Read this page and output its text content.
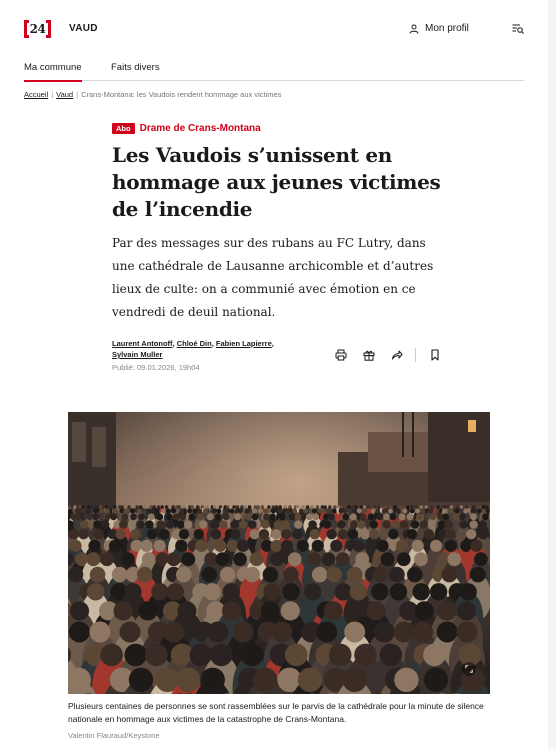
24 VAUD	Mon profil
Ma commune	Faits divers
Accueil | Vaud | Crans-Montana: les Vaudois rendent hommage aux victimes
Abo Drame de Crans-Montana
Les Vaudois s’unissent en hommage aux jeunes victimes de l’incendie

Par des messages sur des rubans au FC Lutry, dans une cathédrale de Lausanne archicomble et d’autres lieux de culte: on a communié avec émotion en ce vendredi de deuil national.

Laurent Antonoff, Chloé Din, Fabien Lapierre, Sylvain Muller
Publié: 09.01.2026, 19h04
Plusieurs centaines de personnes se sont rassemblées sur le parvis de la cathédrale pour la minute de silence nationale en hommage aux victimes de la catastrophe de Crans-Montana.
Valentin Flauraud/Keystone
